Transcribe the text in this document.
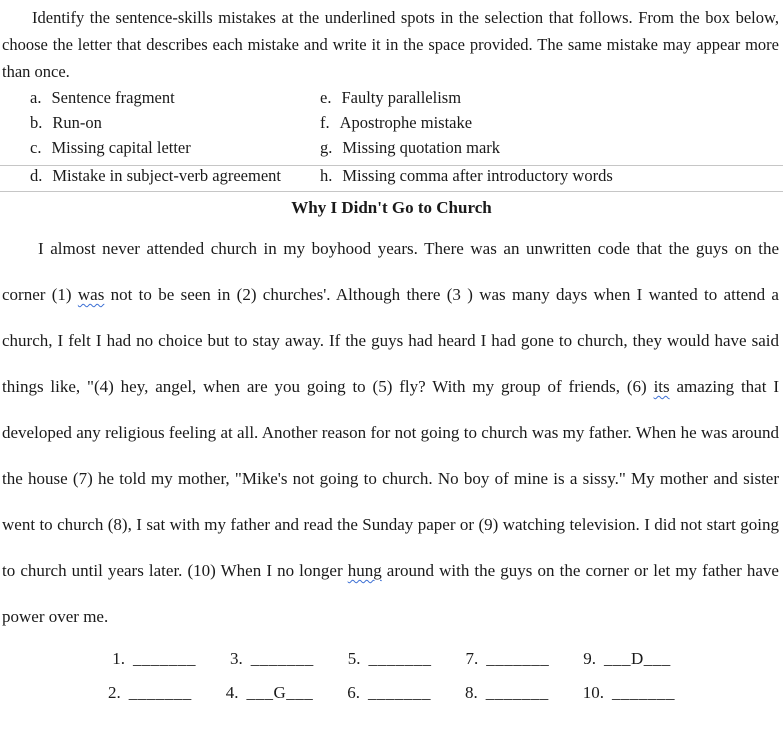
Identify the sentence-skills mistakes at the underlined spots in the selection that follows. From the box below, choose the letter that describes each mistake and write it in the space provided. The same mistake may appear more than once.

a. Sentence fragment	e. Faulty parallelism
b. Run-on	f. Apostrophe mistake
c. Missing capital letter	g. Missing quotation mark
d. Mistake in subject-verb agreement	h. Missing comma after introductory words
Why I Didn't Go to Church

I almost never attended church in my boyhood years. There was an unwritten code that the guys on the corner (1) was not to be seen in (2) churches'. Although there (3 ) was many days when I wanted to attend a church, I felt I had no choice but to stay away. If the guys had heard I had gone to church, they would have said things like, "(4) hey, angel, when are you going to (5) fly? With my group of friends, (6) its amazing that I developed any religious feeling at all. Another reason for not going to church was my father. When he was around the house (7) he told my mother, "Mike's not going to church. No boy of mine is a sissy." My mother and sister went to church (8), I sat with my father and read the Sunday paper or (9) watching television. I did not start going to church until years later. (10) When I no longer hung around with the guys on the corner or let my father have power over me.

1. _______ 3. _______ 5. _______ 7. _______ 9. ___D___
2. _______ 4. ___G___ 6. _______ 8. _______ 10. _______
